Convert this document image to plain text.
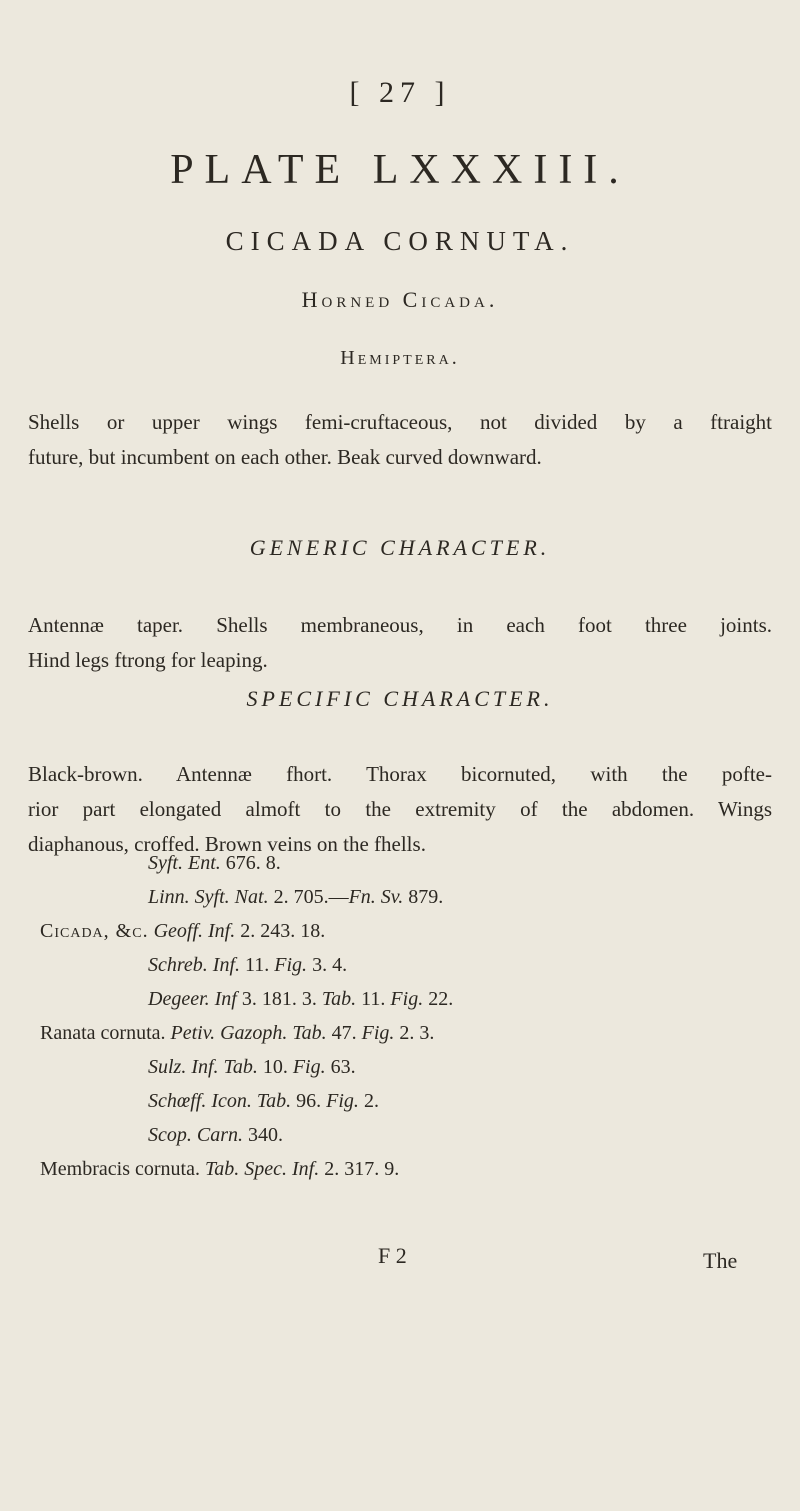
[ 27 ]
PLATE LXXXIII.
CICADA CORNUTA.
Horned Cicada.
Hemiptera.
Shells or upper wings femi-cruftaceous, not divided by a ftraight

future, but incumbent on each other. Beak curved downward.
GENERIC CHARACTER.
Antennæ taper. Shells membraneous, in each foot three joints.

Hind legs ftrong for leaping.
SPECIFIC CHARACTER.
Black-brown. Antennæ fhort. Thorax bicornuted, with the pofte-
rior part elongated almoft to the extremity of the abdomen. Wings

diaphanous, croffed. Brown veins on the fhells.
Syft. Ent. 676. 8.
Linn. Syft. Nat. 2. 705.—Fn. Sv. 879.
Cicada, &c. Geoff. Inf. 2. 243. 18.
Schreb. Inf. 11. Fig. 3. 4.
Degeer. Inf 3. 181. 3. Tab. 11. Fig. 22.
Ranata cornuta. Petiv. Gazoph. Tab. 47. Fig. 2. 3.
Sulz. Inf. Tab. 10. Fig. 63.
Schœff. Icon. Tab. 96. Fig. 2.
Scop. Carn. 340.
Membracis cornuta. Tab. Spec. Inf. 2. 317. 9.
F 2	The
